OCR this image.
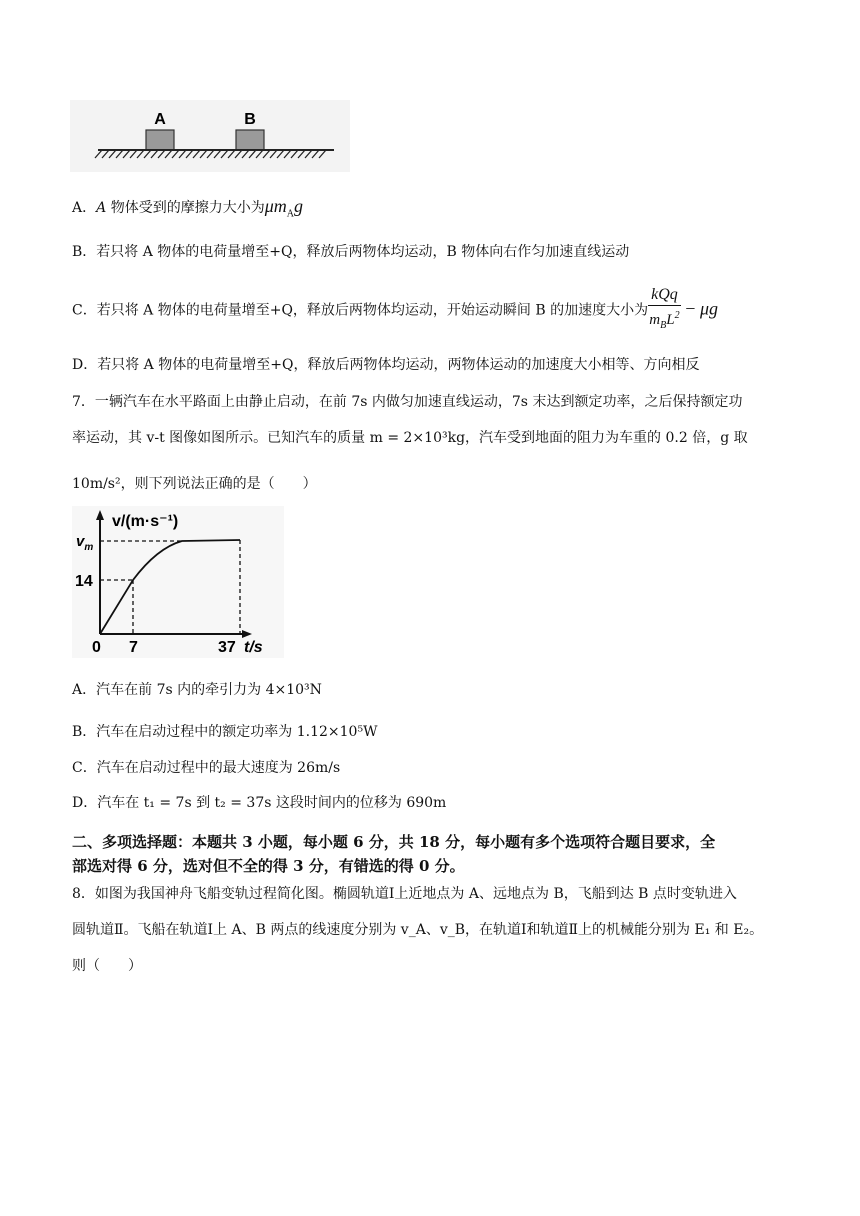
A	B
A．A 物体受到的摩擦力大小为$\mu m_Ag$
B．若只将 A 物体的电荷量增至+Q，释放后两物体均运动，B 物体向右作匀加速直线运动
C．若只将 A 物体的电荷量增至+Q，释放后两物体均运动，开始运动瞬间 B 的加速度大小为 $\frac{\text{kQq}}{m_BL^2} - \mu g$
D．若只将 A 物体的电荷量增至+Q，释放后两物体均运动，两物体运动的加速度大小相等、方向相反
7．一辆汽车在水平路面上由静止启动，在前 7s 内做匀加速直线运动，7s 末达到额定功率，之后保持额定功
率运动，其 v-t 图像如图所示。已知汽车的质量 m = 2×10³kg，汽车受到地面的阻力为车重的 0.2 倍，g 取
10m/s²，则下列说法正确的是（　　）
v/(m·s⁻¹)
$v_m$
14
0 7	37 t/s
A．汽车在前 7s 内的牵引力为 4×10³N
B．汽车在启动过程中的额定功率为 1.12×10⁵W
C．汽车在启动过程中的最大速度为 26m/s
D．汽车在 t₁ = 7s 到 t₂ = 37s 这段时间内的位移为 690m
二、多项选择题：本题共 3 小题，每小题 6 分，共 18 分，每小题有多个选项符合题目要求，全
部选对得 6 分，选对但不全的得 3 分，有错选的得 0 分。
8．如图为我国神舟飞船变轨过程简化图。椭圆轨道Ⅰ上近地点为 A、远地点为 B，飞船到达 B 点时变轨进入
圆轨道Ⅱ。飞船在轨道Ⅰ上 A、B 两点的线速度分别为 v_A、v_B，在轨道Ⅰ和轨道Ⅱ上的机械能分别为 E₁ 和 E₂。
则（　　）
